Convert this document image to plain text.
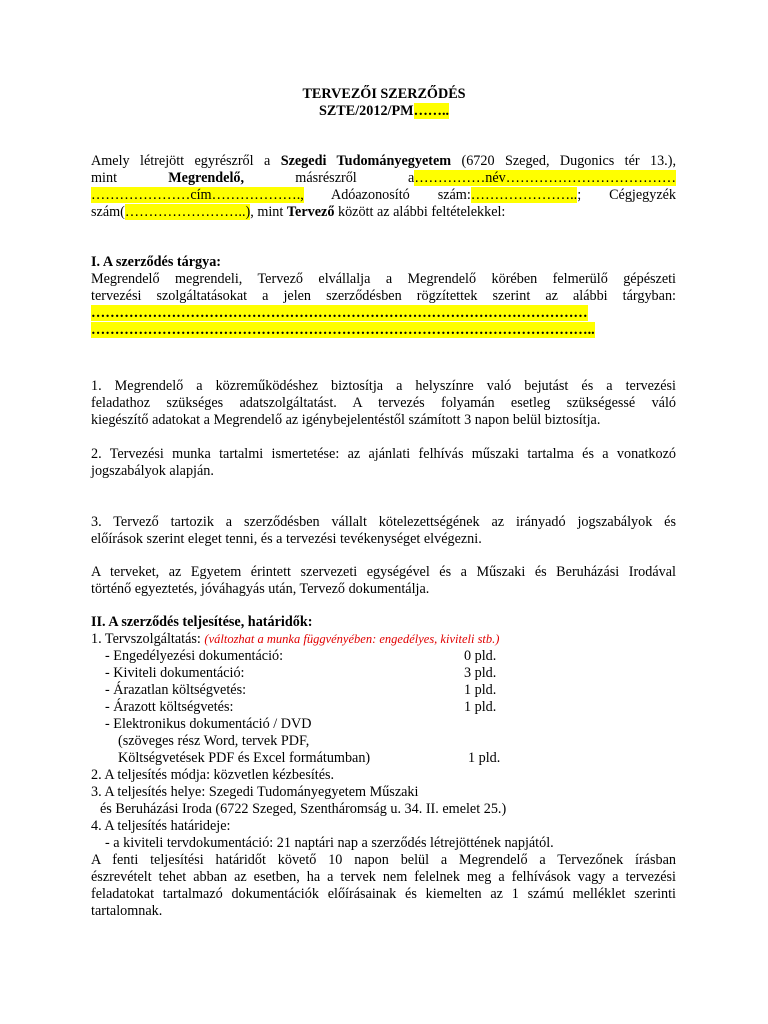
TERVEZŐI SZERZŐDÉS
SZTE/2012/PM……..
Amely létrejött egyrészről a Szegedi Tudományegyetem (6720 Szeged, Dugonics tér 13.),
mint	Megrendelő,	másrészről	a……………név………………………………
…………………cím………………., Adóazonosító szám:…………………..; Cégjegyzék
szám(……………………..), mint Tervező között az alábbi feltételekkel:
I. A szerződés tárgya:
Megrendelő megrendeli, Tervező elvállalja a Megrendelő körében felmerülő gépészeti
tervezési szolgáltatásokat a jelen szerződésben rögzítettek szerint az alábbi tárgyban:
……………………………………………………………………………………………
……………………………………………………………………………………………..
1. Megrendelő a közreműködéshez biztosítja a helyszínre való bejutást és a tervezési
feladathoz szükséges adatszolgáltatást. A tervezés folyamán esetleg szükségessé váló
kiegészítő adatokat a Megrendelő az igénybejelentéstől számított 3 napon belül biztosítja.
2. Tervezési munka tartalmi ismertetése: az ajánlati felhívás műszaki tartalma és a vonatkozó
jogszabályok alapján.
3. Tervező tartozik a szerződésben vállalt kötelezettségének az irányadó jogszabályok és
előírások szerint eleget tenni, és a tervezési tevékenységet elvégezni.
A terveket, az Egyetem érintett szervezeti egységével és a Műszaki és Beruházási Irodával
történő egyeztetés, jóváhagyás után, Tervező dokumentálja.
II. A szerződés teljesítése, határidők:
1. Tervszolgáltatás: (változhat a munka függvényében: engedélyes, kiviteli stb.)
- Engedélyezési dokumentáció:	0 pld.
- Kiviteli dokumentáció:	3 pld.
- Árazatlan költségvetés:	1 pld.
- Árazott költségvetés:	1 pld.
- Elektronikus dokumentáció / DVD
(szöveges rész Word, tervek PDF,
Költségvetések PDF és Excel formátumban)	1 pld.
2. A teljesítés módja: közvetlen kézbesítés.
3. A teljesítés helye: Szegedi Tudományegyetem Műszaki
és Beruházási Iroda (6722 Szeged, Szentháromság u. 34. II. emelet 25.)
4. A teljesítés határideje:
- a kiviteli tervdokumentáció: 21 naptári nap a szerződés létrejöttének napjától.
A fenti teljesítési határidőt követő 10 napon belül a Megrendelő a Tervezőnek írásban
észrevételt tehet abban az esetben, ha a tervek nem felelnek meg a felhívások vagy a tervezési
feladatokat tartalmazó dokumentációk előírásainak és kiemelten az 1 számú melléklet szerinti
tartalomnak.
